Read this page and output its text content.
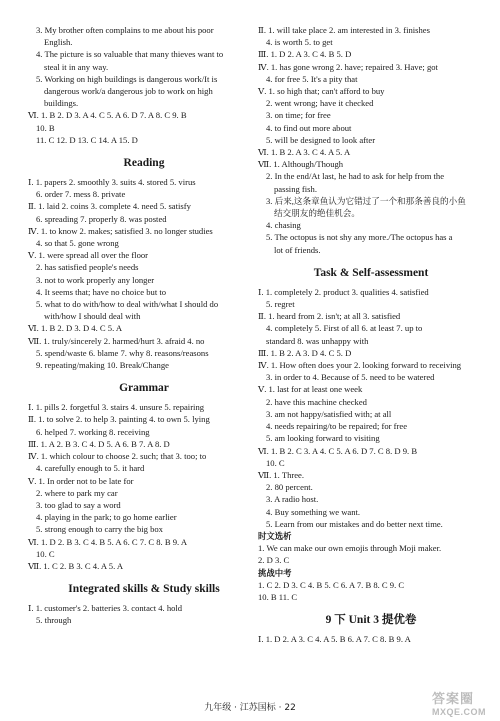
3. My brother often complains to me about his poor
English.
4. The picture is so valuable that many thieves want to
steal it in any way.
5. Working on high buildings is dangerous work/It is
dangerous work/a dangerous job to work on high
buildings.
Ⅵ. 1. B 2. D 3. A 4. C 5. A 6. D 7. A 8. C 9. B
10. B
11. C 12. D 13. C 14. A 15. D
Reading
Ⅰ. 1. papers 2. smoothly 3. suits 4. stored 5. virus
6. order 7. mess 8. private
Ⅱ. 1. laid 2. coins 3. complete 4. need 5. satisfy
6. spreading 7. properly 8. was posted
Ⅳ. 1. to know 2. makes; satisfied 3. no longer studies
4. so that 5. gone wrong
Ⅴ. 1. were spread all over the floor
2. has satisfied people's needs
3. not to work properly any longer
4. It seems that; have no choice but to
5. what to do with/how to deal with/what I should do
with/how I should deal with
Ⅵ. 1. B 2. D 3. D 4. C 5. A
Ⅶ. 1. truly/sincerely 2. harmed/hurt 3. afraid 4. no
5. spend/waste 6. blame 7. why 8. reasons/reasons
9. repeating/making 10. Break/Change
Grammar
Ⅰ. 1. pills 2. forgetful 3. stairs 4. unsure 5. repairing
Ⅱ. 1. to solve 2. to help 3. painting 4. to own 5. lying
6. helped 7. working 8. receiving
Ⅲ. 1. A 2. B 3. C 4. D 5. A 6. B 7. A 8. D
Ⅳ. 1. which colour to choose 2. such; that 3. too; to
4. carefully enough to 5. it hard
Ⅴ. 1. In order not to be late for
2. where to park my car
3. too glad to say a word
4. playing in the park; to go home earlier
5. strong enough to carry the big box
Ⅵ. 1. D 2. B 3. C 4. B 5. A 6. C 7. C 8. B 9. A
10. C
Ⅶ. 1. C 2. B 3. C 4. A 5. A
Integrated skills & Study skills
Ⅰ. 1. customer's 2. batteries 3. contact 4. hold
5. through
Ⅱ. 1. will take place 2. am interested in 3. finishes
4. is worth 5. to get
Ⅲ. 1. D 2. A 3. C 4. B 5. D
Ⅳ. 1. has gone wrong 2. have; repaired 3. Have; got
4. for free 5. It's a pity that
Ⅴ. 1. so high that; can't afford to buy
2. went wrong; have it checked
3. on time; for free
4. to find out more about
5. will be designed to look after
Ⅵ. 1. B 2. A 3. C 4. A 5. A
Ⅶ. 1. Although/Though
2. In the end/At last, he had to ask for help from the
passing fish.
3. 后来,这条章鱼认为它错过了一个和那条善良的小鱼
结交朋友的绝佳机会。
4. chasing
5. The octopus is not shy any more./The octopus has a
lot of friends.
Task & Self-assessment
Ⅰ. 1. completely 2. product 3. qualities 4. satisfied
5. regret
Ⅱ. 1. heard from 2. isn't; at all 3. satisfied
4. completely 5. First of all 6. at least 7. up to
standard 8. was unhappy with
Ⅲ. 1. B 2. A 3. D 4. C 5. D
Ⅳ. 1. How often does your 2. looking forward to receiving
3. in order to 4. Because of 5. need to be watered
Ⅴ. 1. last for at least one week
2. have this machine checked
3. am not happy/satisfied with; at all
4. needs repairing/to be repaired; for free
5. am looking forward to visiting
Ⅵ. 1. B 2. C 3. A 4. C 5. A 6. D 7. C 8. D 9. B
10. C
Ⅶ. 1. Three.
2. 80 percent.
3. A radio host.
4. Buy something we want.
5. Learn from our mistakes and do better next time.
时文选析
1. We can make our own emojis through Moji maker.
2. D 3. C
挑战中考
1. C 2. D 3. C 4. B 5. C 6. A 7. B 8. C 9. C
10. B 11. C
9 下 Unit 3 提优卷
Ⅰ. 1. D 2. A 3. C 4. A 5. B 6. A 7. C 8. B 9. A
九年级 · 江苏国标 · 22
答案圈
MXQE.COM
